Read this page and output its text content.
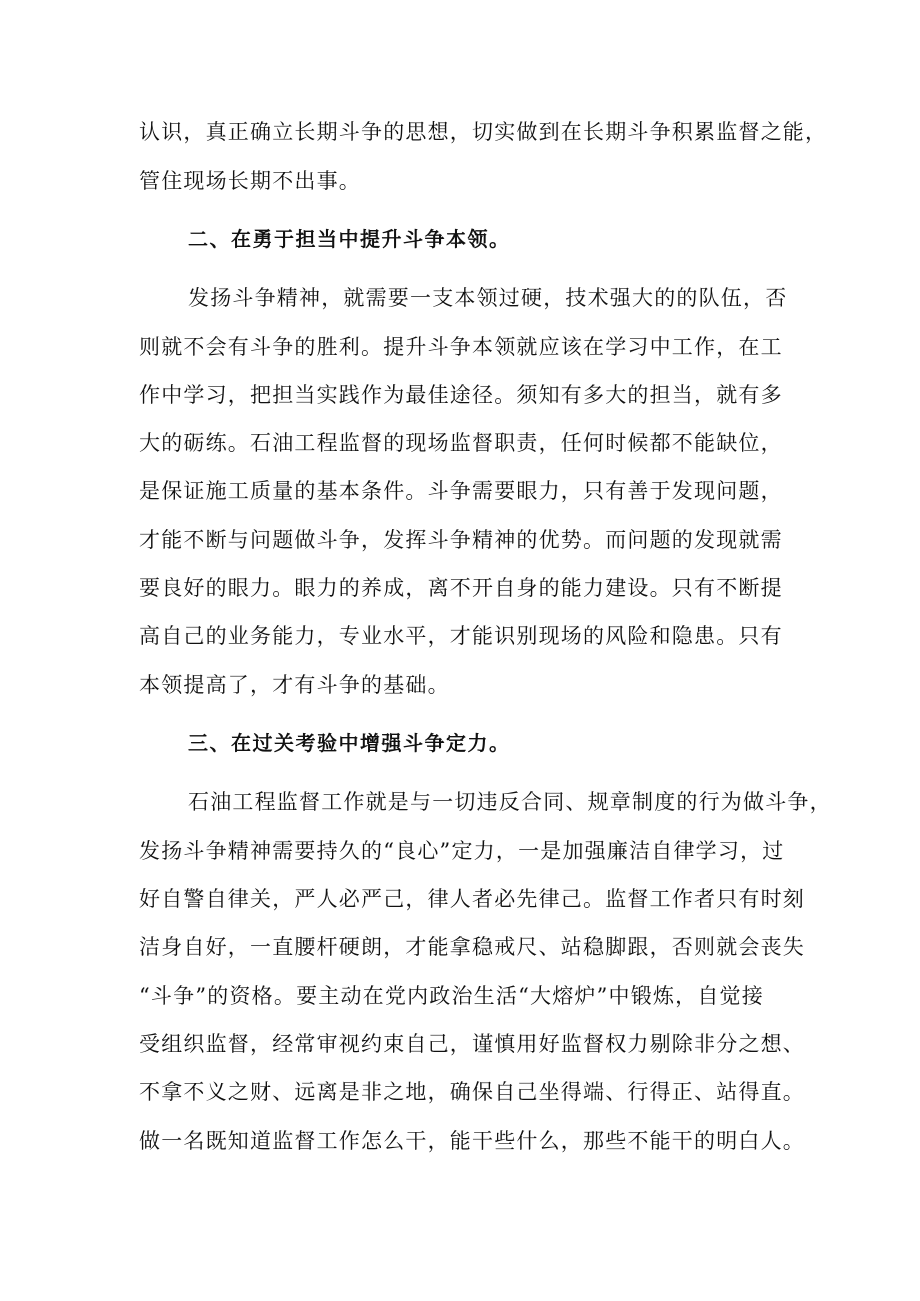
认识，真正确立长期斗争的思想，切实做到在长期斗争积累监督之能，
管住现场长期不出事。
二、在勇于担当中提升斗争本领。
发扬斗争精神，就需要一支本领过硬，技术强大的的队伍，否
则就不会有斗争的胜利。提升斗争本领就应该在学习中工作，在工
作中学习，把担当实践作为最佳途径。须知有多大的担当，就有多
大的砺练。石油工程监督的现场监督职责，任何时候都不能缺位，
是保证施工质量的基本条件。斗争需要眼力，只有善于发现问题，
才能不断与问题做斗争，发挥斗争精神的优势。而问题的发现就需
要良好的眼力。眼力的养成，离不开自身的能力建设。只有不断提
高自己的业务能力，专业水平，才能识别现场的风险和隐患。只有
本领提高了，才有斗争的基础。
三、在过关考验中增强斗争定力。
石油工程监督工作就是与一切违反合同、规章制度的行为做斗争，
发扬斗争精神需要持久的“良心”定力，一是加强廉洁自律学习，过
好自警自律关，严人必严己，律人者必先律己。监督工作者只有时刻
洁身自好，一直腰杆硬朗，才能拿稳戒尺、站稳脚跟，否则就会丧失
“斗争”的资格。要主动在党内政治生活“大熔炉”中锻炼，自觉接
受组织监督，经常审视约束自己，谨慎用好监督权力剔除非分之想、
不拿不义之财、远离是非之地，确保自己坐得端、行得正、站得直。
做一名既知道监督工作怎么干，能干些什么，那些不能干的明白人。
